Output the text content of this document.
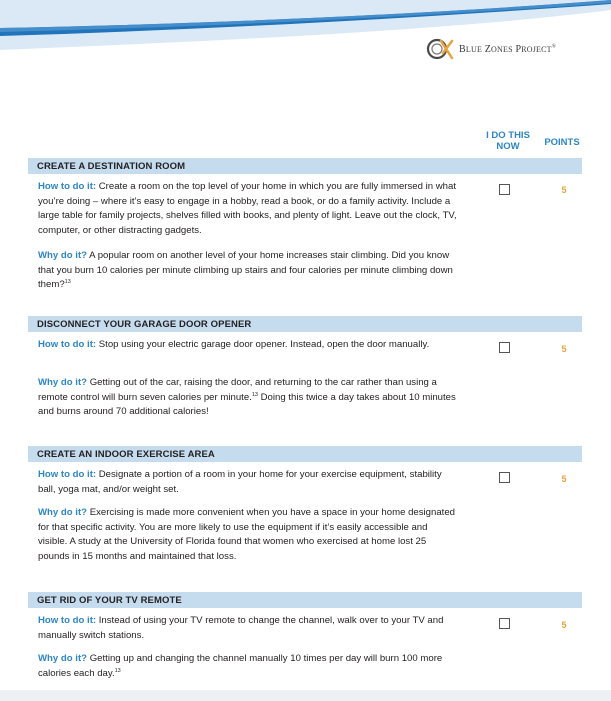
BLUE ZONES PROJECT®
I DO THIS
NOW	POINTS
CREATE A DESTINATION ROOM
How to do it: Create a room on the top level of your home in which you are fully immersed in what you’re doing – where it’s easy to engage in a hobby, read a book, or do a family activity. Include a large table for family projects, shelves filled with books, and plenty of light. Leave out the clock, TV, computer, or other distracting gadgets.
Why do it? A popular room on another level of your home increases stair climbing. Did you know that you burn 10 calories per minute climbing up stairs and four calories per minute climbing down them?$^{13}$
5
DISCONNECT YOUR GARAGE DOOR OPENER
How to do it: Stop using your electric garage door opener. Instead, open the door manually.
Why do it? Getting out of the car, raising the door, and returning to the car rather than using a remote control will burn seven calories per minute.$^{13}$ Doing this twice a day takes about 10 minutes and burns around 70 additional calories!
5
CREATE AN INDOOR EXERCISE AREA
How to do it: Designate a portion of a room in your home for your exercise equipment, stability ball, yoga mat, and/or weight set.
Why do it? Exercising is made more convenient when you have a space in your home designated for that specific activity. You are more likely to use the equipment if it’s easily accessible and visible. A study at the University of Florida found that women who exercised at home lost 25 pounds in 15 months and maintained that loss.
5
GET RID OF YOUR TV REMOTE
How to do it: Instead of using your TV remote to change the channel, walk over to your TV and manually switch stations.
Why do it? Getting up and changing the channel manually 10 times per day will burn 100 more calories each day.$^{13}$
5
